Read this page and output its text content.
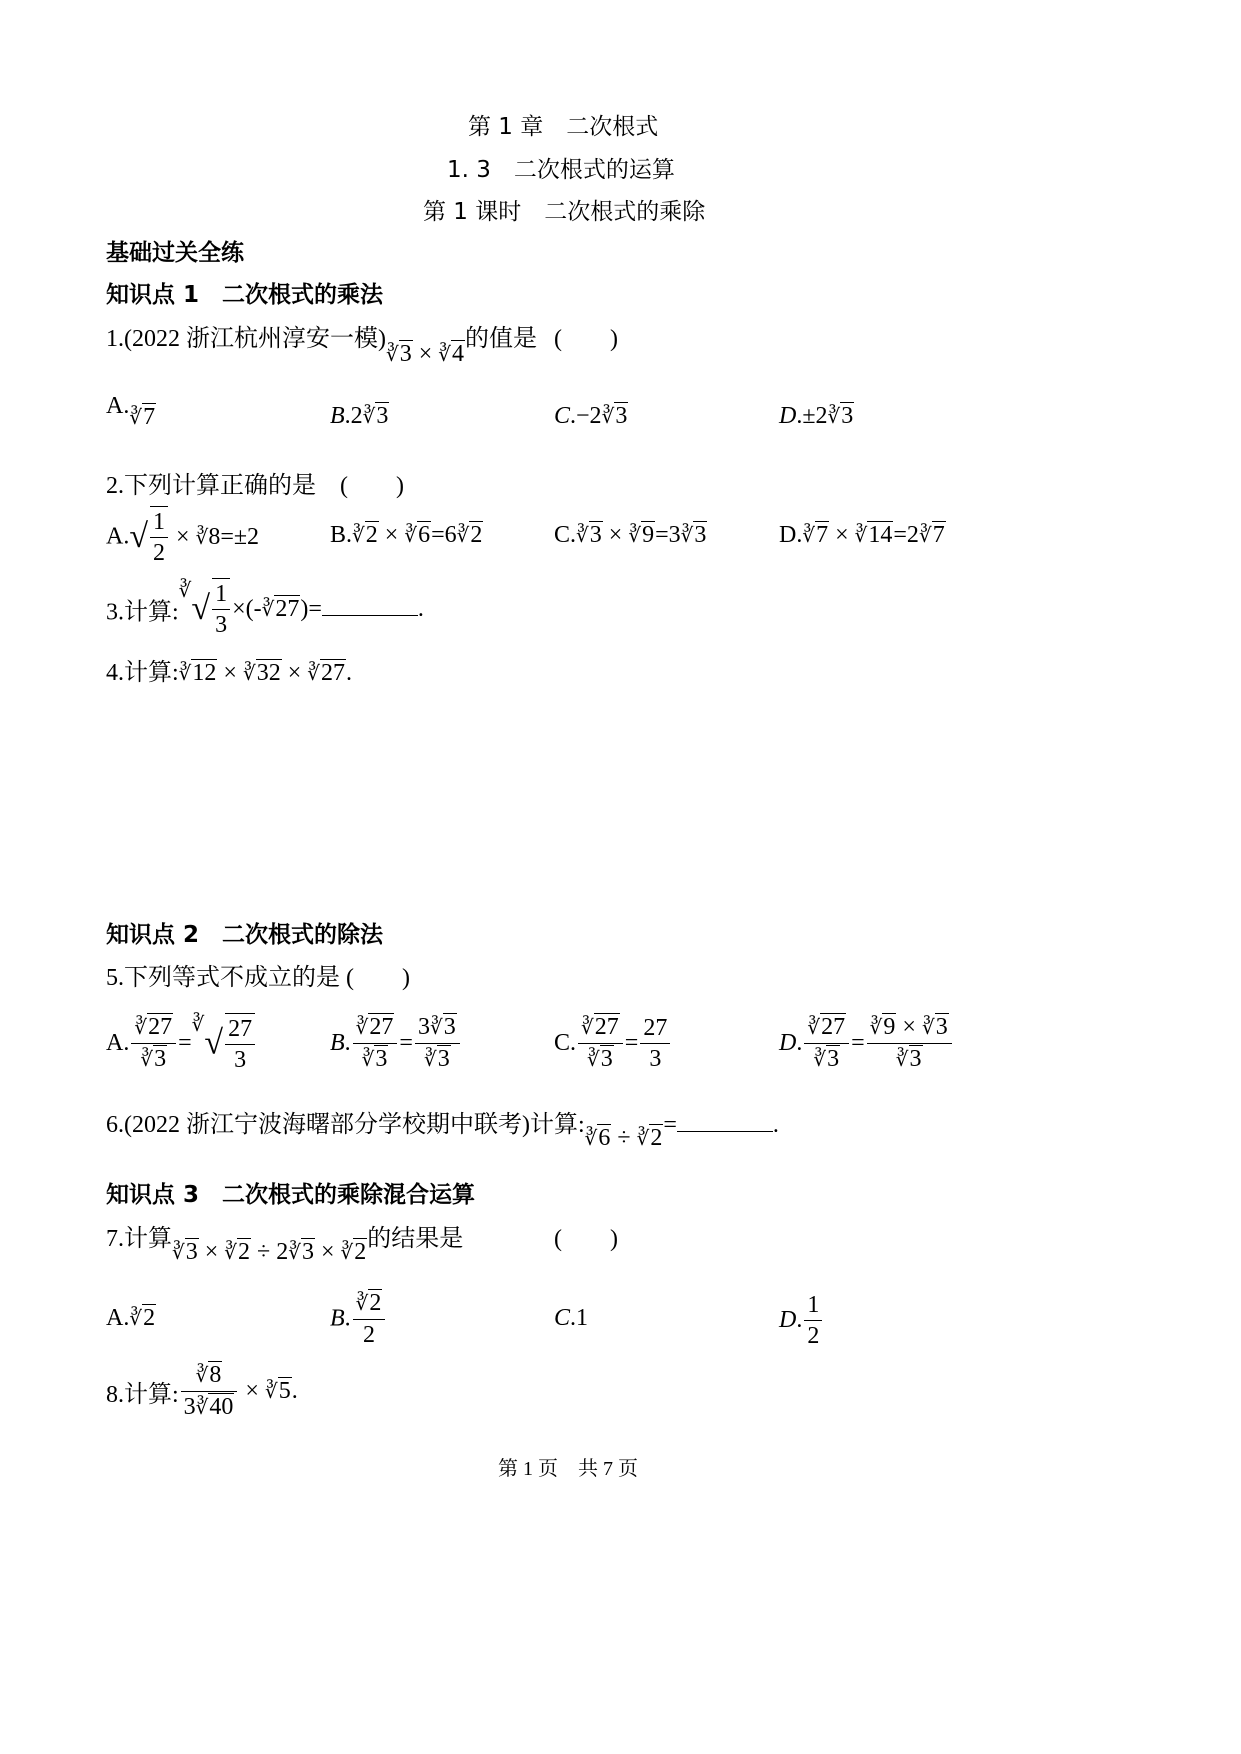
第 1 章　二次根式
1. 3　二次根式的运算
第 1 课时　二次根式的乘除
基础过关全练
知识点 1　二次根式的乘法
1.(2022 浙江杭州淳安一模)∛3 × ∛4的值是 (　　)
A.∛7	B.2∛3	C.−2∛3	D.±2∛3
2.下列计算正确的是　(　　)
$A.√ \frac{1}{2}$ × ∛8=±2	B.∛2 × ∛6=6∛2	C.∛3 × ∛9=3∛3	D.∛7 × ∛14=2∛7
3.计算:∛√ $\frac{1}{3}$ ×(-∛27)=	.
4.计算:∛12 × ∛32 × ∛27.
知识点 2　二次根式的除法
5.下列等式不成立的是 (　　)
A. $\frac{∛27}{∛3} =^∛√ \frac{27}{3}$	B. $\frac{∛27}{∛3} = \frac{3∛3}{∛3}$	C. $\frac{∛27}{∛3} = \frac{27}{3}$	D. $\frac{∛27}{∛3} = \frac{∛9 \times ∛3}{∛3}$
6.(2022 浙江宁波海曙部分学校期中联考)计算:∛6 ÷ ∛2=	.
知识点 3　二次根式的乘除混合运算
7.计算∛3 × ∛2 ÷ 2∛3 × ∛2的结果是	(　　)
A.∛2	B. $\frac{∛2}{2}$	C.1	D. $\frac{1}{2}$
8.计算: $\frac{∛8}{3∛40}$ × ∛5.
第 1 页　共 7 页
